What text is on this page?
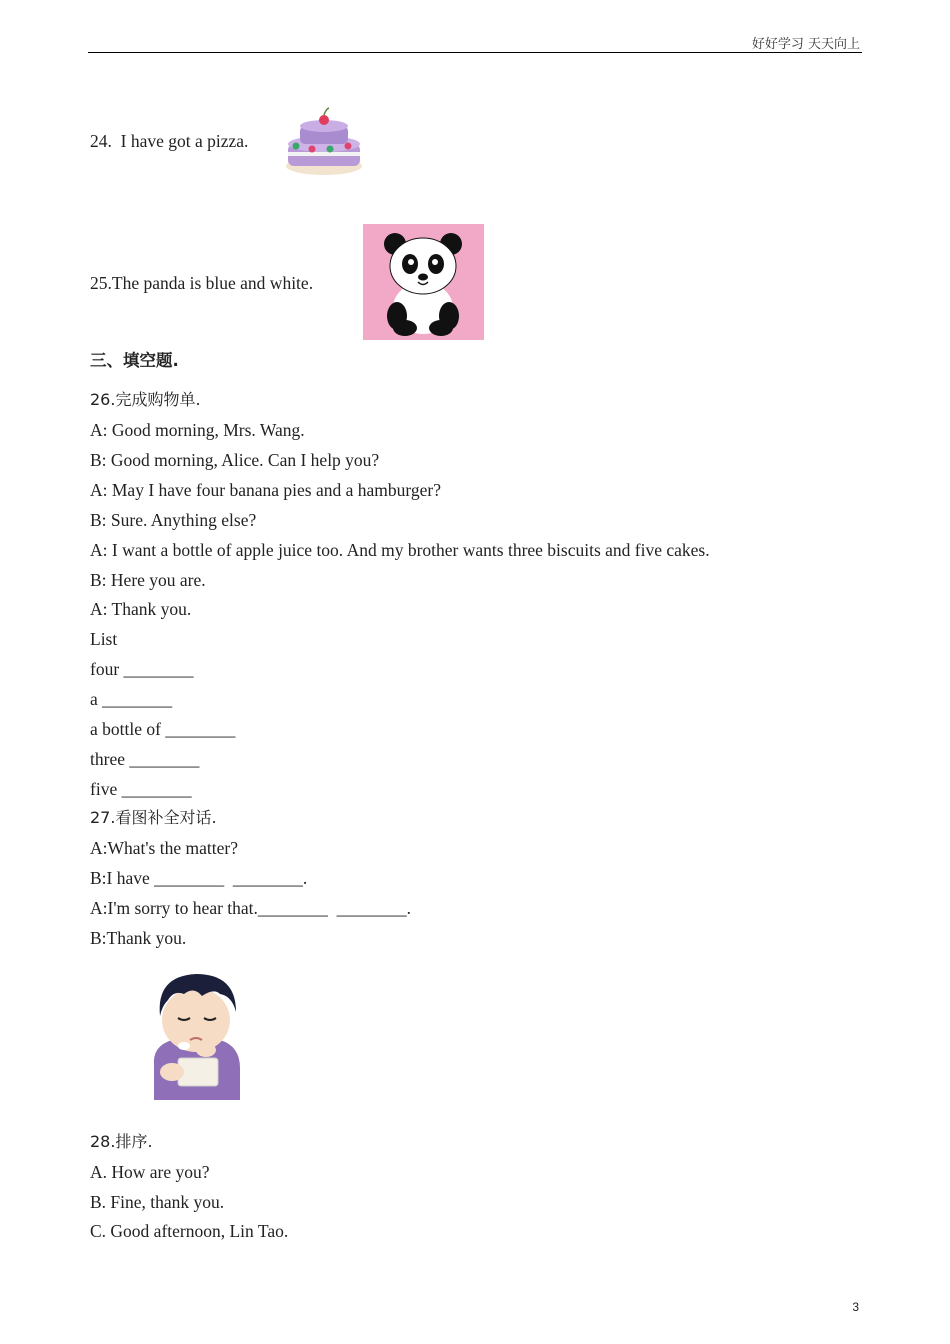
好好学习 天天向上
24.  I have got a pizza.
25.The panda is blue and white.
三、填空题.
26.完成购物单.
A: Good morning, Mrs. Wang.
B: Good morning, Alice. Can I help you?
A: May I have four banana pies and a hamburger?
B: Sure. Anything else?
A: I want a bottle of apple juice too. And my brother wants three biscuits and five cakes.
B: Here you are.
A: Thank you.
List
four ________
a ________
a bottle of ________
three ________
five ________
27.看图补全对话.
A:What's the matter?
B:I have ________  ________.
A:I'm sorry to hear that.________  ________.
B:Thank you.
28.排序.
A. How are you?
B. Fine, thank you.
C. Good afternoon, Lin Tao.
3
